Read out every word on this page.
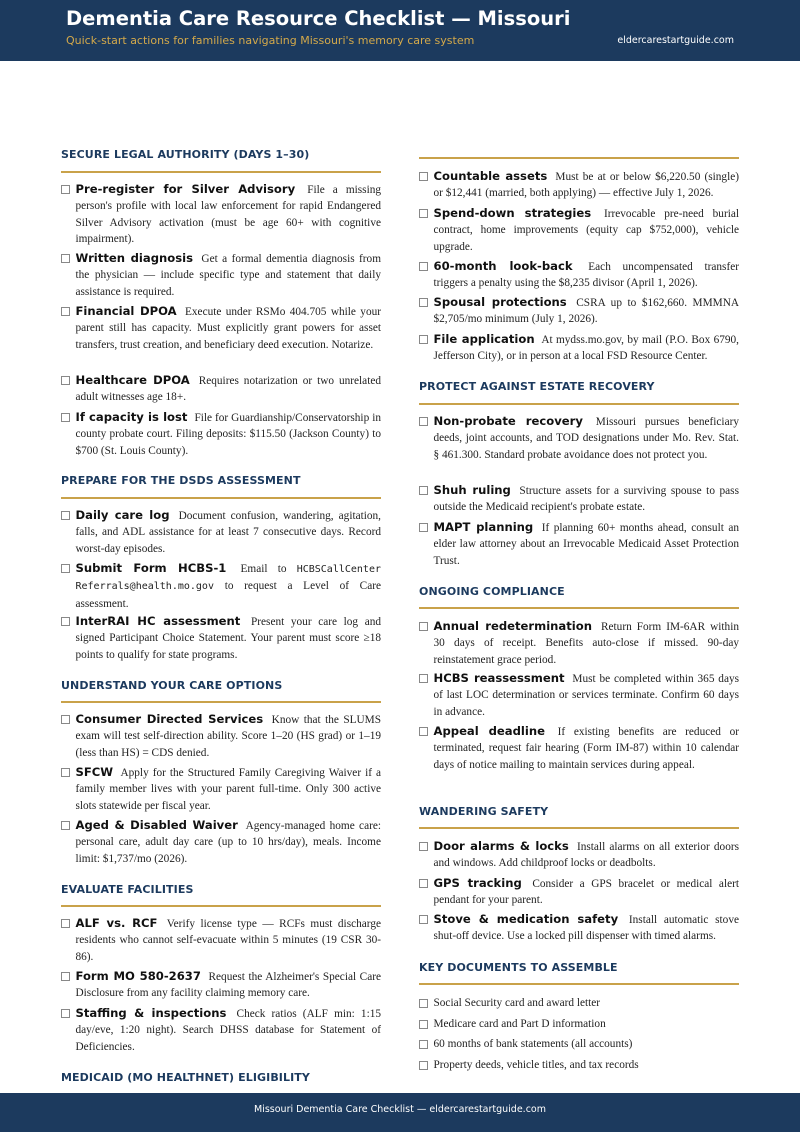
Dementia Care Resource Checklist — Missouri
Quick-start actions for families navigating Missouri's memory care system	eldercarestartguide.com
SECURE LEGAL AUTHORITY (DAYS 1–30)
Pre-register for Silver Advisory File a missing person's profile with local law enforcement for rapid Endangered Silver Advisory activation (must be age 60+ with cognitive impairment).
Written diagnosis Get a formal dementia diagnosis from the physician — include specific type and statement that daily assistance is required.
Financial DPOA Execute under RSMo 404.705 while your parent still has capacity. Must explicitly grant powers for asset transfers, trust creation, and beneficiary deed execution. Notarize.
Healthcare DPOA Requires notarization or two unrelated adult witnesses age 18+.
If capacity is lost File for Guardianship/Conservatorship in county probate court. Filing deposits: $115.50 (Jackson County) to $700 (St. Louis County).
PREPARE FOR THE DSDS ASSESSMENT
Daily care log Document confusion, wandering, agitation, falls, and ADL assistance for at least 7 consecutive days. Record worst-day episodes.
Submit Form HCBS-1 Email to HCBSCallCenter Referrals@health.mo.gov to request a Level of Care assessment.
InterRAI HC assessment Present your care log and signed Participant Choice Statement. Your parent must score ≥18 points to qualify for state programs.
UNDERSTAND YOUR CARE OPTIONS
Consumer Directed Services Know that the SLUMS exam will test self-direction ability. Score 1–20 (HS grad) or 1–19 (less than HS) = CDS denied.
SFCW Apply for the Structured Family Caregiving Waiver if a family member lives with your parent full-time. Only 300 active slots statewide per fiscal year.
Aged & Disabled Waiver Agency-managed home care: personal care, adult day care (up to 10 hrs/day), meals. Income limit: $1,737/mo (2026).
EVALUATE FACILITIES
ALF vs. RCF Verify license type — RCFs must discharge residents who cannot self-evacuate within 5 minutes (19 CSR 30-86).
Form MO 580-2637 Request the Alzheimer's Special Care Disclosure from any facility claiming memory care.
Staffing & inspections Check ratios (ALF min: 1:15 day/eve, 1:20 night). Search DHSS database for Statement of Deficiencies.
MEDICAID (MO HEALTHNET) ELIGIBILITY
Countable assets Must be at or below $6,220.50 (single) or $12,441 (married, both applying) — effective July 1, 2026.
Spend-down strategies Irrevocable pre-need burial contract, home improvements (equity cap $752,000), vehicle upgrade.
60-month look-back Each uncompensated transfer triggers a penalty using the $8,235 divisor (April 1, 2026).
Spousal protections CSRA up to $162,660. MMMNA $2,705/mo minimum (July 1, 2026).
File application At mydss.mo.gov, by mail (P.O. Box 6790, Jefferson City), or in person at a local FSD Resource Center.
PROTECT AGAINST ESTATE RECOVERY
Non-probate recovery Missouri pursues beneficiary deeds, joint accounts, and TOD designations under Mo. Rev. Stat. § 461.300. Standard probate avoidance does not protect you.
Shuh ruling Structure assets for a surviving spouse to pass outside the Medicaid recipient's probate estate.
MAPT planning If planning 60+ months ahead, consult an elder law attorney about an Irrevocable Medicaid Asset Protection Trust.
ONGOING COMPLIANCE
Annual redetermination Return Form IM-6AR within 30 days of receipt. Benefits auto-close if missed. 90-day reinstatement grace period.
HCBS reassessment Must be completed within 365 days of last LOC determination or services terminate. Confirm 60 days in advance.
Appeal deadline If existing benefits are reduced or terminated, request fair hearing (Form IM-87) within 10 calendar days of notice mailing to maintain services during appeal.
WANDERING SAFETY
Door alarms & locks Install alarms on all exterior doors and windows. Add childproof locks or deadbolts.
GPS tracking Consider a GPS bracelet or medical alert pendant for your parent.
Stove & medication safety Install automatic stove shut-off device. Use a locked pill dispenser with timed alarms.
KEY DOCUMENTS TO ASSEMBLE
Social Security card and award letter
Medicare card and Part D information
60 months of bank statements (all accounts)
Property deeds, vehicle titles, and tax records
Missouri Dementia Care Checklist — eldercarestartguide.com
